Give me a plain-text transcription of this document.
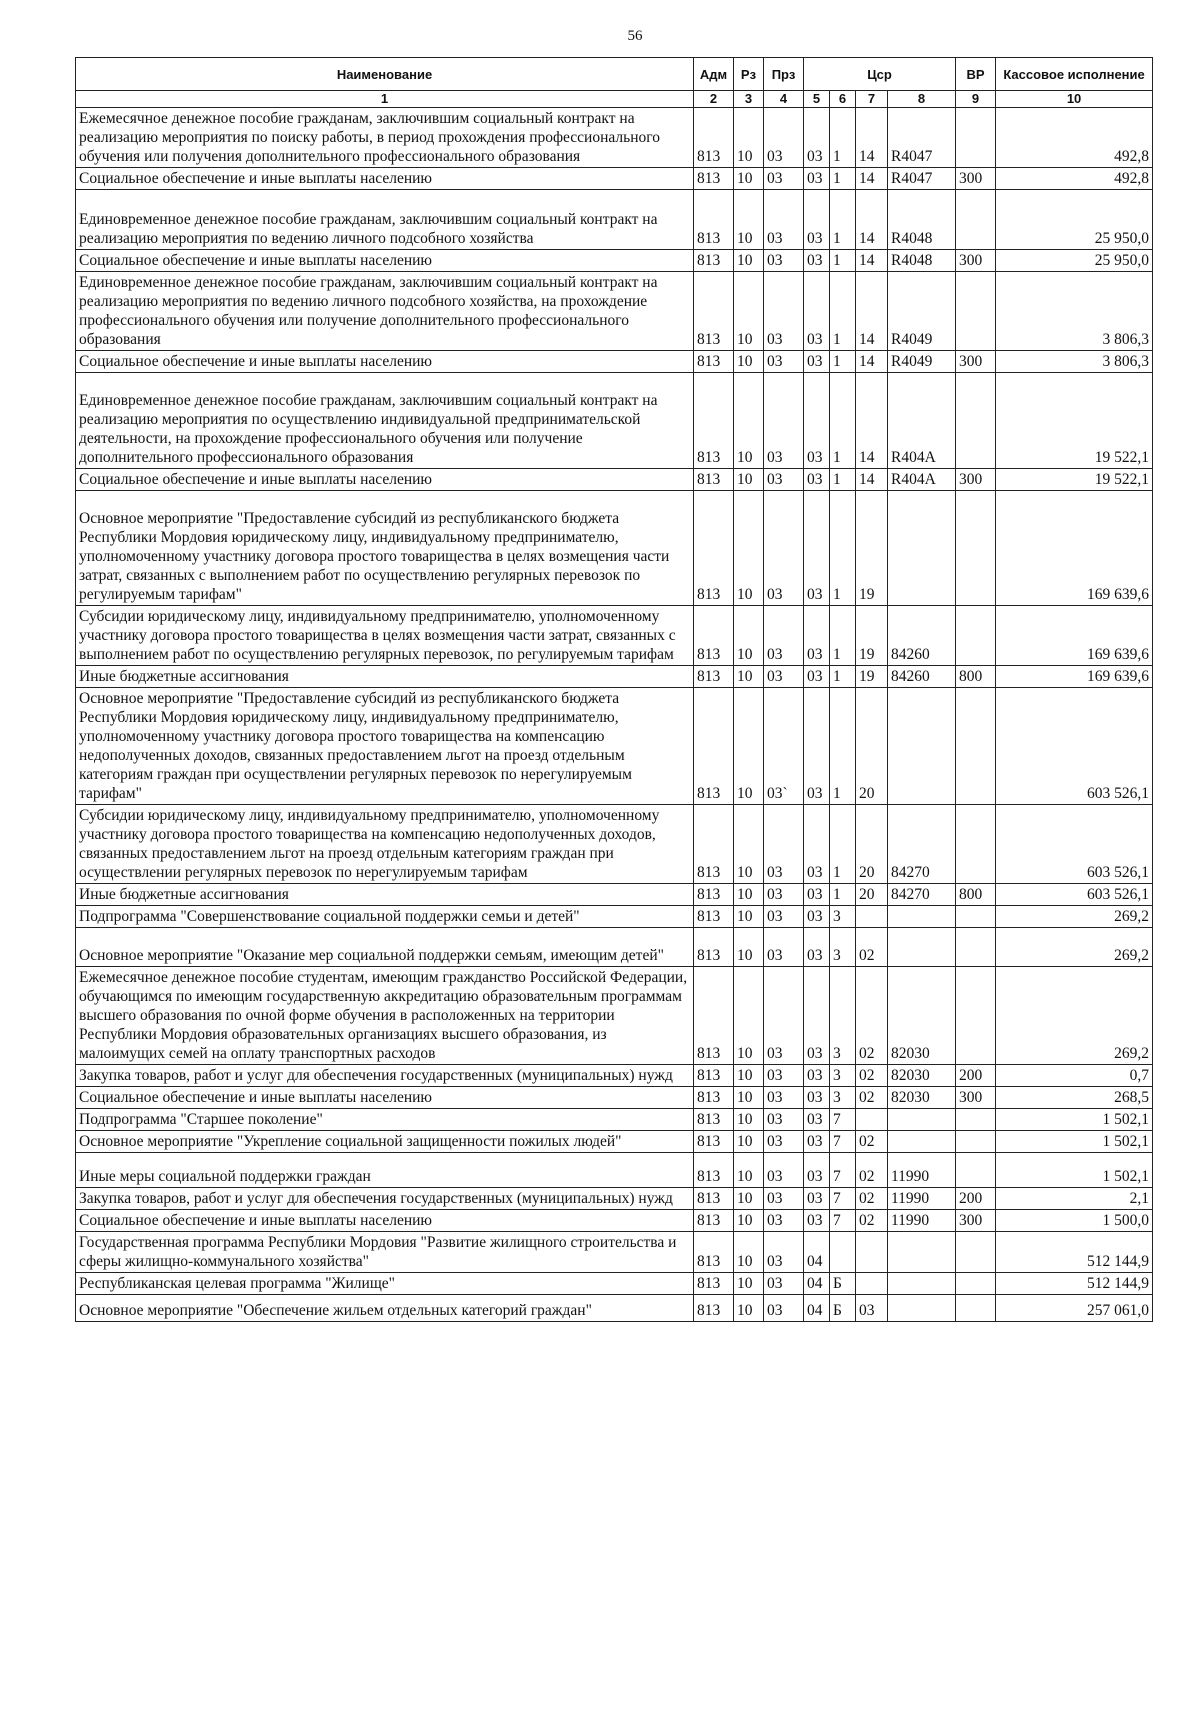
56
Наименование	Адм	Рз	Прз	Цср				ВР	Кассовое исполнение
1	2	3	4	5	6	7	8	9	10
Ежемесячное денежное пособие гражданам, заключившим социальный контракт на реализацию мероприятия по поиску работы, в период прохождения профессионального обучения или получения дополнительного профессионального образования	813	10	03	03	1	14	R4047		492,8
Социальное обеспечение и иные выплаты населению	813	10	03	03	1	14	R4047	300	492,8
Единовременное денежное пособие гражданам, заключившим социальный контракт на реализацию мероприятия по ведению личного подсобного хозяйства	813	10	03	03	1	14	R4048		25 950,0
Социальное обеспечение и иные выплаты населению	813	10	03	03	1	14	R4048	300	25 950,0
Единовременное денежное пособие гражданам, заключившим социальный контракт на реализацию мероприятия по ведению личного подсобного хозяйства, на прохождение профессионального обучения или получение дополнительного профессионального образования	813	10	03	03	1	14	R4049		3 806,3
Социальное обеспечение и иные выплаты населению	813	10	03	03	1	14	R4049	300	3 806,3
Единовременное денежное пособие гражданам, заключившим социальный контракт на реализацию мероприятия по осуществлению индивидуальной предпринимательской деятельности, на прохождение профессионального обучения или получение дополнительного профессионального образования	813	10	03	03	1	14	R404A		19 522,1
Социальное обеспечение и иные выплаты населению	813	10	03	03	1	14	R404A	300	19 522,1
Основное мероприятие "Предоставление субсидий из республиканского бюджета Республики Мордовия юридическому лицу, индивидуальному предпринимателю, уполномоченному участнику договора простого товарищества в целях возмещения части затрат, связанных с выполнением работ по осуществлению регулярных перевозок по регулируемым тарифам"	813	10	03	03	1	19			169 639,6
Субсидии юридическому лицу, индивидуальному предпринимателю, уполномоченному участнику договора простого товарищества в целях возмещения части затрат, связанных с выполнением работ по осуществлению регулярных перевозок, по регулируемым тарифам	813	10	03	03	1	19	84260		169 639,6
Иные бюджетные ассигнования	813	10	03	03	1	19	84260	800	169 639,6
Основное мероприятие "Предоставление субсидий из республиканского бюджета Республики Мордовия юридическому лицу, индивидуальному предпринимателю, уполномоченному участнику договора простого товарищества на компенсацию недополученных доходов, связанных предоставлением льгот на проезд отдельным категориям граждан при осуществлении регулярных перевозок по нерегулируемым тарифам"	813	10	03`	03	1	20			603 526,1
Субсидии юридическому лицу, индивидуальному предпринимателю, уполномоченному участнику договора простого товарищества на компенсацию недополученных доходов, связанных предоставлением льгот на проезд отдельным категориям граждан при осуществлении регулярных перевозок по нерегулируемым тарифам	813	10	03	03	1	20	84270		603 526,1
Иные бюджетные ассигнования	813	10	03	03	1	20	84270	800	603 526,1
Подпрограмма "Совершенствование социальной поддержки семьи и детей"	813	10	03	03	3				269,2
Основное мероприятие "Оказание мер социальной поддержки семьям, имеющим детей"	813	10	03	03	3	02			269,2
Ежемесячное денежное пособие студентам, имеющим гражданство Российской Федерации, обучающимся по имеющим государственную аккредитацию образовательным программам высшего образования по очной форме обучения в расположенных на территории Республики Мордовия образовательных организациях высшего образования, из малоимущих семей на оплату транспортных расходов	813	10	03	03	3	02	82030		269,2
Закупка товаров, работ и услуг для обеспечения государственных (муниципальных) нужд	813	10	03	03	3	02	82030	200	0,7
Социальное обеспечение и иные выплаты населению	813	10	03	03	3	02	82030	300	268,5
Подпрограмма "Старшее поколение"	813	10	03	03	7				1 502,1
Основное мероприятие "Укрепление социальной защищенности пожилых людей"	813	10	03	03	7	02			1 502,1
Иные меры социальной поддержки граждан	813	10	03	03	7	02	11990		1 502,1
Закупка товаров, работ и услуг для обеспечения государственных (муниципальных) нужд	813	10	03	03	7	02	11990	200	2,1
Социальное обеспечение и иные выплаты населению	813	10	03	03	7	02	11990	300	1 500,0
Государственная программа Республики Мордовия "Развитие жилищного строительства и сферы жилищно-коммунального хозяйства"	813	10	03	04					512 144,9
Республиканская целевая программа "Жилище"	813	10	03	04	Б				512 144,9
Основное мероприятие "Обеспечение жильем отдельных категорий граждан"	813	10	03	04	Б	03			257 061,0
